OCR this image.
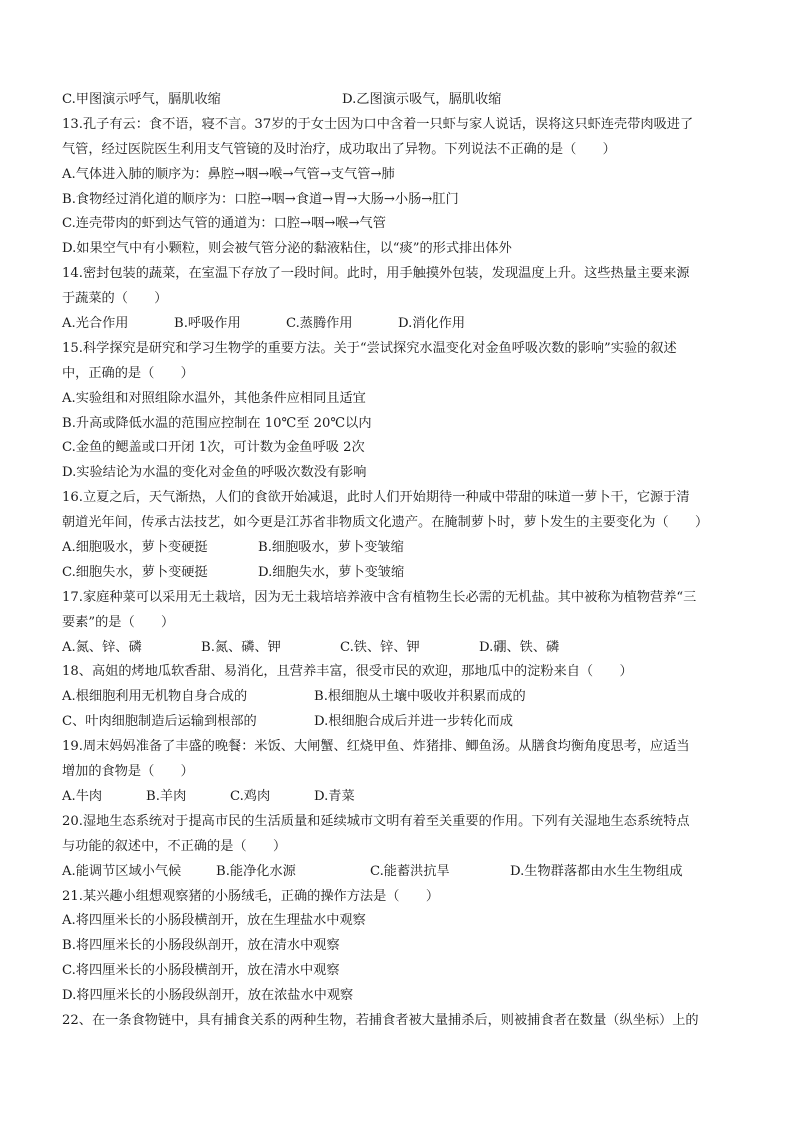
C.甲图演示呼气，膈肌收缩	D.乙图演示吸气，膈肌收缩
13.孔子有云：食不语，寝不言。37岁的于女士因为口中含着一只虾与家人说话，误将这只虾连壳带肉吸进了
气管，经过医院医生利用支气管镜的及时治疗，成功取出了异物。下列说法不正确的是（　　）
A.气体进入肺的顺序为：鼻腔→咽→喉→气管→支气管→肺
B.食物经过消化道的顺序为：口腔→咽→食道→胃→大肠→小肠→肛门
C.连壳带肉的虾到达气管的通道为：口腔→咽→喉→气管
D.如果空气中有小颗粒，则会被气管分泌的黏液粘住，以“痰”的形式排出体外
14.密封包装的蔬菜，在室温下存放了一段时间。此时，用手触摸外包装，发现温度上升。这些热量主要来源
于蔬菜的（　　）
A.光合作用	B.呼吸作用	C.蒸腾作用	D.消化作用
15.科学探究是研究和学习生物学的重要方法。关于“尝试探究水温变化对金鱼呼吸次数的影响”实验的叙述
中，正确的是（　　）
A.实验组和对照组除水温外，其他条件应相同且适宜
B.升高或降低水温的范围应控制在 10℃至 20℃以内
C.金鱼的鳃盖或口开闭 1次，可计数为金鱼呼吸 2次
D.实验结论为水温的变化对金鱼的呼吸次数没有影响
16.立夏之后，天气渐热，人们的食欲开始减退，此时人们开始期待一种咸中带甜的味道一萝卜干，它源于清
朝道光年间，传承古法技艺，如今更是江苏省非物质文化遗产。在腌制萝卜时，萝卜发生的主要变化为（　　）
A.细胞吸水，萝卜变硬挺	B.细胞吸水，萝卜变皱缩
C.细胞失水，萝卜变硬挺	D.细胞失水，萝卜变皱缩
17.家庭种菜可以采用无土栽培，因为无土栽培培养液中含有植物生长必需的无机盐。其中被称为植物营养“三
要素”的是（　　）
A.氮、锌、磷	B.氮、磷、钾	C.铁、锌、钾	D.硼、铁、磷
18、高姐的烤地瓜软香甜、易消化，且营养丰富，很受市民的欢迎，那地瓜中的淀粉来自（　　）
A.根细胞利用无机物自身合成的	B.根细胞从土壤中吸收并积累而成的
C、叶肉细胞制造后运输到根部的	D.根细胞合成后并进一步转化而成
19.周末妈妈准备了丰盛的晚餐：米饭、大闸蟹、红烧甲鱼、炸猪排、鲫鱼汤。从膳食均衡角度思考，应适当
增加的食物是（　　）
A.牛肉	B.羊肉	C.鸡肉	D.青菜
20.湿地生态系统对于提高市民的生活质量和延续城市文明有着至关重要的作用。下列有关湿地生态系统特点
与功能的叙述中，不正确的是（　　）
A.能调节区域小气候	B.能净化水源	C.能蓄洪抗旱	D.生物群落都由水生生物组成
21.某兴趣小组想观察猪的小肠绒毛，正确的操作方法是（　　）
A.将四厘米长的小肠段横剖开，放在生理盐水中观察
B.将四厘米长的小肠段纵剖开，放在清水中观察
C.将四厘米长的小肠段横剖开，放在清水中观察
D.将四厘米长的小肠段纵剖开，放在浓盐水中观察
22、在一条食物链中，具有捕食关系的两种生物，若捕食者被大量捕杀后，则被捕食者在数量（纵坐标）上的
